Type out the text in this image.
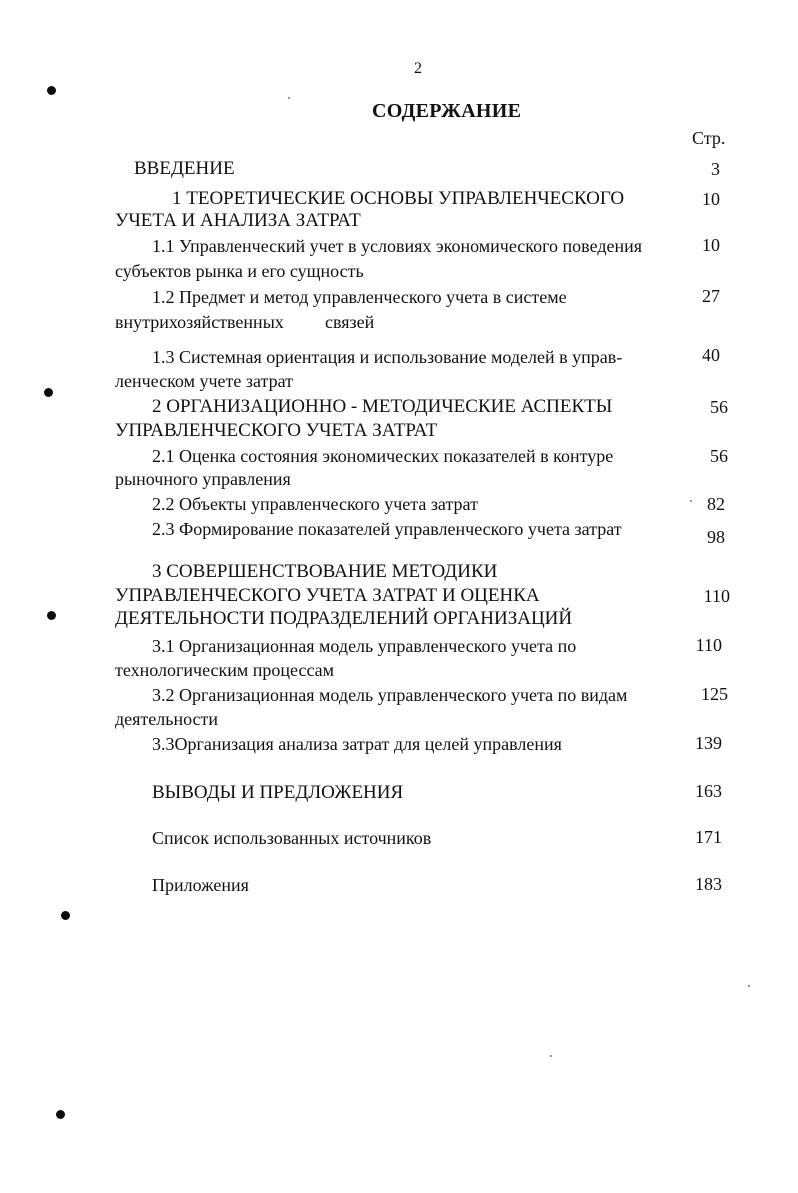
2
СОДЕРЖАНИЕ
Стр.
ВВЕДЕНИЕ	3
1 ТЕОРЕТИЧЕСКИЕ ОСНОВЫ УПРАВЛЕНЧЕСКОГО
УЧЕТА И АНАЛИЗА ЗАТРАТ
10
1.1 Управленческий учет в условиях экономического поведения
субъектов рынка и его сущность
10
1.2 Предмет и метод управленческого учета в системе
внутрихозяйственных связей
27
1.3 Системная ориентация и использование моделей в управ-
ленческом учете затрат
40
2 ОРГАНИЗАЦИОННО - МЕТОДИЧЕСКИЕ АСПЕКТЫ
УПРАВЛЕНЧЕСКОГО УЧЕТА ЗАТРАТ
56
2.1 Оценка состояния экономических показателей в контуре
рыночного управления
56
2.2 Объекты управленческого учета затрат	82
2.3 Формирование показателей управленческого учета затрат	98
3 СОВЕРШЕНСТВОВАНИЕ МЕТОДИКИ
УПРАВЛЕНЧЕСКОГО УЧЕТА ЗАТРАТ И ОЦЕНКА
ДЕЯТЕЛЬНОСТИ ПОДРАЗДЕЛЕНИЙ ОРГАНИЗАЦИЙ
110
3.1 Организационная модель управленческого учета по
технологическим процессам
110
3.2 Организационная модель управленческого учета по видам
деятельности
125
3.3Организация анализа затрат для целей управления	139
ВЫВОДЫ И ПРЕДЛОЖЕНИЯ	163
Список использованных источников	171
Приложения	183
